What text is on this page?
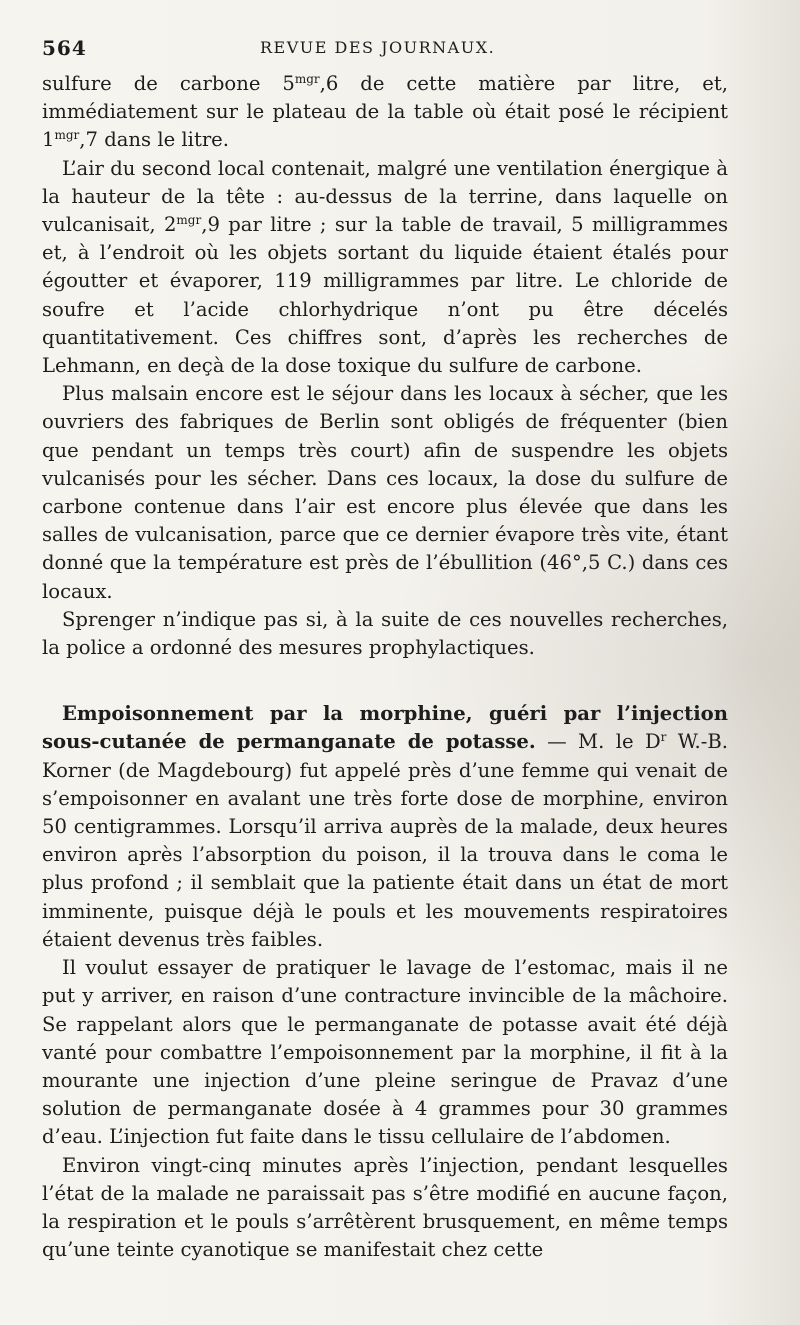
564	REVUE DES JOURNAUX.

sulfure de carbone $5^{mgr},6$ de cette matière par litre, et, immédiatement sur le plateau de la table où était posé le récipient $1^{mgr},7$ dans le litre.

L’air du second local contenait, malgré une ventilation énergique à la hauteur de la tête : au-dessus de la terrine, dans laquelle on vulcanisait, $2^{mgr},9$ par litre ; sur la table de travail, 5 milligrammes et, à l’endroit où les objets sortant du liquide étaient étalés pour égoutter et évaporer, 119 milligrammes par litre. Le chloride de soufre et l’acide chlorhydrique n’ont pu être décelés quantitativement. Ces chiffres sont, d’après les recherches de Lehmann, en deçà de la dose toxique du sulfure de carbone.

Plus malsain encore est le séjour dans les locaux à sécher, que les ouvriers des fabriques de Berlin sont obligés de fréquenter (bien que pendant un temps très court) afin de suspendre les objets vulcanisés pour les sécher. Dans ces locaux, la dose du sulfure de carbone contenue dans l’air est encore plus élevée que dans les salles de vulcanisation, parce que ce dernier évapore très vite, étant donné que la température est près de l’ébullition (46°,5 C.) dans ces locaux.

Sprenger n’indique pas si, à la suite de ces nouvelles recherches, la police a ordonné des mesures prophylactiques.

Empoisonnement par la morphine, guéri par l’injection sous-cutanée de permanganate de potasse. — M. le $D^r$ W.-B. Korner (de Magdebourg) fut appelé près d’une femme qui venait de s’empoisonner en avalant une très forte dose de morphine, environ 50 centigrammes. Lorsqu’il arriva auprès de la malade, deux heures environ après l’absorption du poison, il la trouva dans le coma le plus profond ; il semblait que la patiente était dans un état de mort imminente, puisque déjà le pouls et les mouvements respiratoires étaient devenus très faibles.

Il voulut essayer de pratiquer le lavage de l’estomac, mais il ne put y arriver, en raison d’une contracture invincible de la mâchoire. Se rappelant alors que le permanganate de potasse avait été déjà vanté pour combattre l’empoisonnement par la morphine, il fit à la mourante une injection d’une pleine seringue de Pravaz d’une solution de permanganate dosée à 4 grammes pour 30 grammes d’eau. L’injection fut faite dans le tissu cellulaire de l’abdomen.

Environ vingt-cinq minutes après l’injection, pendant lesquelles l’état de la malade ne paraissait pas s’être modifié en aucune façon, la respiration et le pouls s’arrêtèrent brusquement, en même temps qu’une teinte cyanotique se manifestait chez cette
